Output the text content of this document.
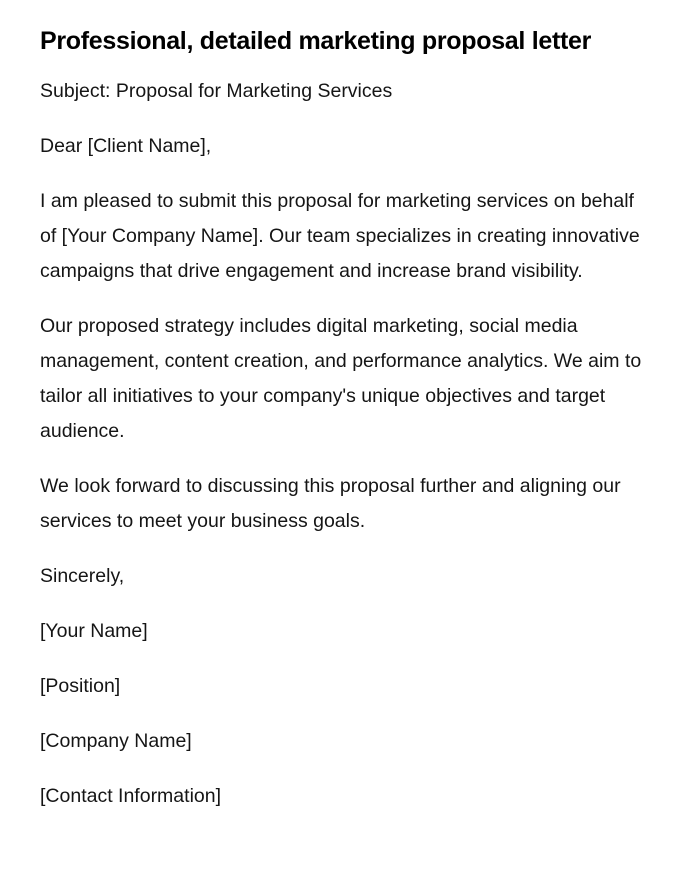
Professional, detailed marketing proposal letter

Subject: Proposal for Marketing Services

Dear [Client Name],

I am pleased to submit this proposal for marketing services on behalf of [Your Company Name]. Our team specializes in creating innovative campaigns that drive engagement and increase brand visibility.

Our proposed strategy includes digital marketing, social media management, content creation, and performance analytics. We aim to tailor all initiatives to your company's unique objectives and target audience.

We look forward to discussing this proposal further and aligning our services to meet your business goals.

Sincerely,

[Your Name]

[Position]

[Company Name]

[Contact Information]
